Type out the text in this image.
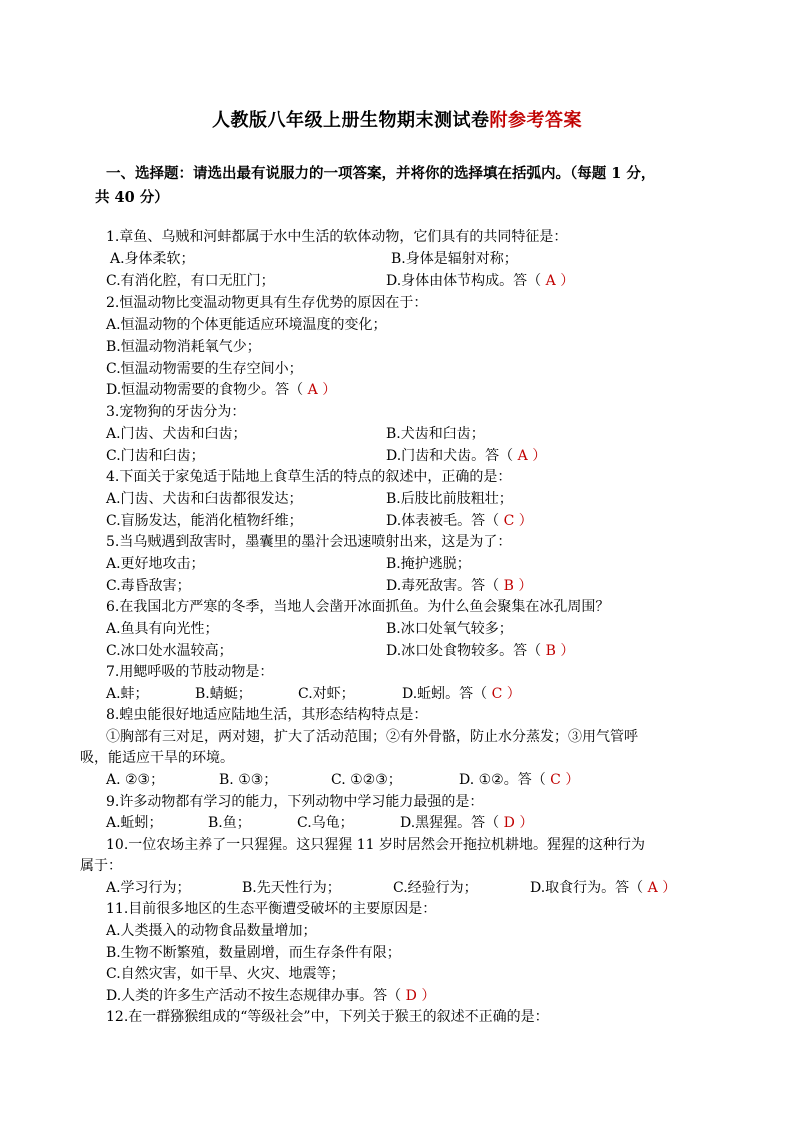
人教版八年级上册生物期末测试卷附参考答案
一、选择题：请选出最有说服力的一项答案，并将你的选择填在括弧内。（每题 1 分，
共 40 分）
1.章鱼、乌贼和河蚌都属于水中生活的软体动物，它们具有的共同特征是：
A.身体柔软；	B.身体是辐射对称；
C.有消化腔，有口无肛门；	D.身体由体节构成。答（ A ）
2.恒温动物比变温动物更具有生存优势的原因在于：
A.恒温动物的个体更能适应环境温度的变化；
B.恒温动物消耗氧气少；
C.恒温动物需要的生存空间小；
D.恒温动物需要的食物少。答（ A ）
3.宠物狗的牙齿分为：
A.门齿、犬齿和臼齿；	B.犬齿和臼齿；
C.门齿和臼齿；	D.门齿和犬齿。答（ A ）
4.下面关于家兔适于陆地上食草生活的特点的叙述中，正确的是：
A.门齿、犬齿和臼齿都很发达；	B.后肢比前肢粗壮；
C.盲肠发达，能消化植物纤维；	D.体表被毛。答（ C ）
5.当乌贼遇到敌害时，墨囊里的墨汁会迅速喷射出来，这是为了：
A.更好地攻击；	B.掩护逃脱；
C.毒昏敌害；	D.毒死敌害。答（ B ）
6.在我国北方严寒的冬季，当地人会凿开冰面抓鱼。为什么鱼会聚集在冰孔周围？
A.鱼具有向光性；	B.冰口处氧气较多；
C.冰口处水温较高；	D.冰口处食物较多。答（ B ）
7.用鳃呼吸的节肢动物是：
A.蚌；	B.蜻蜓；	C.对虾；	D.蚯蚓。答（ C ）
8.蝗虫能很好地适应陆地生活，其形态结构特点是：
①胸部有三对足，两对翅，扩大了活动范围；②有外骨骼，防止水分蒸发；③用气管呼
吸，能适应干旱的环境。
A. ②③；	B. ①③；	C. ①②③；	D. ①②。答（ C ）
9.许多动物都有学习的能力，下列动物中学习能力最强的是：
A.蚯蚓；	B.鱼；	C.乌龟；	D.黑猩猩。答（ D ）
10.一位农场主养了一只猩猩。这只猩猩 11 岁时居然会开拖拉机耕地。猩猩的这种行为
属于：
A.学习行为；	B.先天性行为；	C.经验行为；	D.取食行为。答（ A ）
11.目前很多地区的生态平衡遭受破坏的主要原因是：
A.人类摄入的动物食品数量增加；
B.生物不断繁殖，数量剧增，而生存条件有限；
C.自然灾害，如干旱、火灾、地震等；
D.人类的许多生产活动不按生态规律办事。答（ D ）
12.在一群猕猴组成的“等级社会”中，下列关于猴王的叙述不正确的是：
